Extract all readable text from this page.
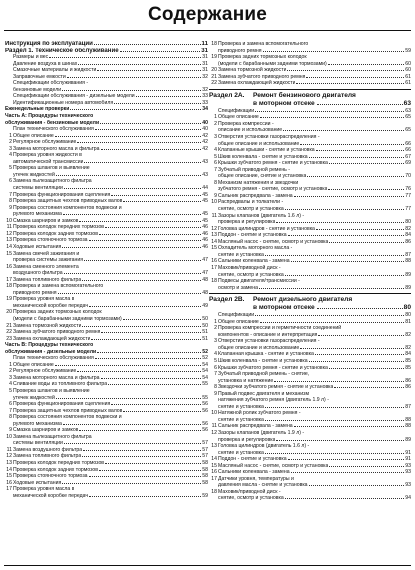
Содержание
Инструкция по эксплуатации	11
Раздел 1. Техническое обслуживание	31
Размеры и вес	31
Давление воздуха в шинах	31
Смазочные материалы и жидкости	31
Заправочные емкости	32
Спецификации обслуживания -
бензиновые модели	32
Спецификации обслуживания - дизельные модели	33
Идентификационные номера автомобиля	33
Еженедельные проверки	34
Часть А: Процедуры технического
обслуживания - бензиновые модели	40
План технического обслуживания	40
1 Общее описание	42
2 Регулярное обслуживание	42
3 Замена моторного масла и фильтра	42
4 Проверка уровня жидкости в
автоматической трансмиссии	43
5 Проверка шлангов и выявление
утечек жидкостей	43
6 Замена пылезащитного фильтра
системы вентиляции	44
7 Проверка функционирования сцепления	45
8 Проверка защитных чехлов приводных валов	45
9 Проверка состояния компонентов подвески и
рулевого механизма	45
10 Смазка шарниров и замков	45
11 Проверка колодок передних тормозов	46
12 Проверка колодок задних тормозов	46
13 Проверка стояночного тормоза	46
14 Ходовые испытания	46
15 Замена свечей зажигания и
проверка системы зажигания	47
16 Замена сменного элемента
воздушного фильтра	47
17 Замена топливного фильтра	48
18 Проверка и замена вспомогательного
приводного ремня	48
19 Проверка уровня масла в
механической коробке передач	49
20 Проверка задних тормозных колодок
(модели с барабанными задними тормозами)	50
21 Замена тормозной жидкости	50
22 Замена зубчатого приводного ремня	51
23 Замена охлаждающей жидкости	51
Часть В: Процедуры технического
обслуживания - дизельные модели	52
План технического обслуживания	52
1 Общее описание	54
2 Регулярное обслуживание	54
3 Замена моторного масла и фильтра	54
4 Сливание воды из топливного фильтра	55
5 Проверка шлангов и выявление
утечек жидкостей	55
6 Проверка функционирования сцепления	56
7 Проверка защитных чехлов приводных валов	56
8 Проверка состояния компонентов подвески и
рулевого механизма	56
9 Смазка шарниров и замков	56
10 Замена пылезащитного фильтра
системы вентиляции	57
11 Замена воздушного фильтра	57
12 Замена топливного фильтра	57
13 Проверка колодок передних тормозов	58
14 Проверка колодок задних тормозов	58
15 Проверка стояночного тормоза	58
16 Ходовые испытания	58
17 Проверка уровня масла в
механической коробке передач	59
18 Проверка и замена вспомогательного
приводного ремня	59
19 Проверка задних тормозных колодок
(модели с барабанными задними тормозами)	60
20 Замена тормозной жидкости	60
21 Замена зубчатого приводного ремня	61
22 Замена охлаждающей жидкости	61
Раздел 2А.	Ремонт бензинового двигателя
в моторном отсеке	63
Спецификации	63
1 Общее описание	65
2 Проверка компрессии -
описание и использование	65
3 Отверстия установки газораспределения -
общее описание и использование	66
4 Клапанные крышки - снятие и установка	66
5 Шкив коленвала - снятие и установка	67
6 Крышки зубчатого ремня - снятие и установка	69
7 Зубчатый приводной ремень -
общее описание, снятие и установка	70
8 Механизм натяжения и звездочки
зубчатого ремня - снятие, осмотр и установка	76
9 Сальник распредвала - замена	77
10 Распредвалы и толкатели -
снятие, осмотр и установка	77
11 Зазоры клапанов (двигатель 1.6 л) -
проверка и регулировка	80
12 Головка цилиндров - снятие и установка	82
13 Поддон - снятие и установка	84
14 Масляный насос - снятие, осмотр и установка	86
15 Охладитель моторного масла -
снятие и установка	87
16 Сальники коленвала - замена	88
17 Маховик/приводной диск -
снятие, осмотр и установка	89
18 Подвесы двигателя/трансмиссии -
осмотр и замена	89
Раздел 2В.	Ремонт дизельного двигателя
в моторном отсеке	80
Спецификации	80
1 Общее описание	81
2 Проверка компрессии и герметичности соединений
компонентов - описание и интерпретация	82
3 Отверстия установки газораспределения -
общее описание и использование	82
4 Клапанная крышка - снятие и установка	84
5 Шкив коленвала - снятие и установка	85
6 Крышки зубчатого ремня - снятие и установка	85
7 Зубчатый приводной ремень - снятие,
установка и натяжение	86
8 Звездочки зубчатого ремня - снятие и установка	86
9 Правый подвес двигателя и механизм
натяжения зубчатого ремня (двигатель 1.9 л) -
снятие и установка	87
10 Натяжной ролик зубчатого ремня -
снятие и установка	88
11 Сальник распредвала - замена	88
12 Зазоры клапанов (двигатель 1.9 л) -
проверка и регулировка	89
13 Головка цилиндров (двигатель 1.6 л) -
снятие и установка	91
14 Поддон - снятие и установка	91
15 Масляный насос - снятие, осмотр и установка	93
16 Сальники коленвала - замена	93
17 Датчики уровня, температуры и
давления масла - снятие и установка	93
18 Маховик/приводной диск -
снятие, осмотр и установка	94
